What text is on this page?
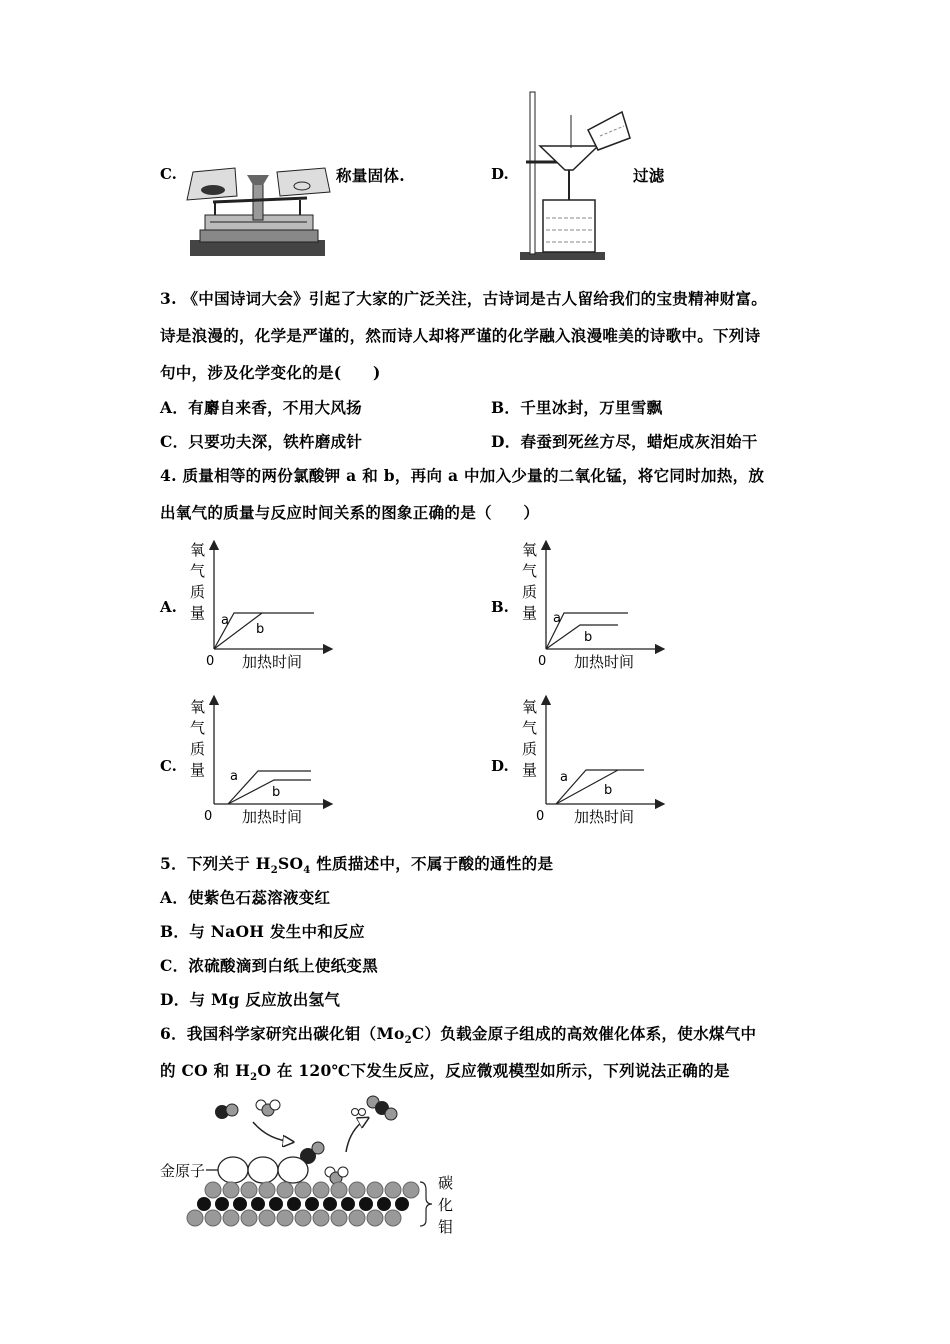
C.	称量固体.	D.	过滤
3. 《中国诗词大会》引起了大家的广泛关注，古诗词是古人留给我们的宝贵精神财富。
诗是浪漫的，化学是严谨的，然而诗人却将严谨的化学融入浪漫唯美的诗歌中。下列诗
句中，涉及化学变化的是(　　)
A．有麝自来香，不用大风扬	B．千里冰封，万里雪飘
C．只要功夫深，铁杵磨成针	D．春蚕到死丝方尽，蜡炬成灰泪始干
4. 质量相等的两份氯酸钾 a 和 b，再向 a 中加入少量的二氧化锰，将它同时加热，放
出氧气的质量与反应时间关系的图象正确的是（　　）
A.
氧
气
质
量
0 加热时间
a
b
B.
氧
气
质
量
0 加热时间
a
b
C.
氧
气
质
量
0 加热时间
a
b
D.
氧
气
质
量
0 加热时间
a
b
5．下列关于 $H_2SO_4$ 性质描述中，不属于酸的通性的是
A．使紫色石蕊溶液变红
B．与 NaOH 发生中和反应
C．浓硫酸滴到白纸上使纸变黑
D．与 Mg 反应放出氢气
6．我国科学家研究出碳化钼$(Mo_2C)$负载金原子组成的高效催化体系，使水煤气中
的 CO 和 $H_2O$ 在 120℃下发生反应，反应微观模型如所示，下列说法正确的是
金原子
碳
化
钼
